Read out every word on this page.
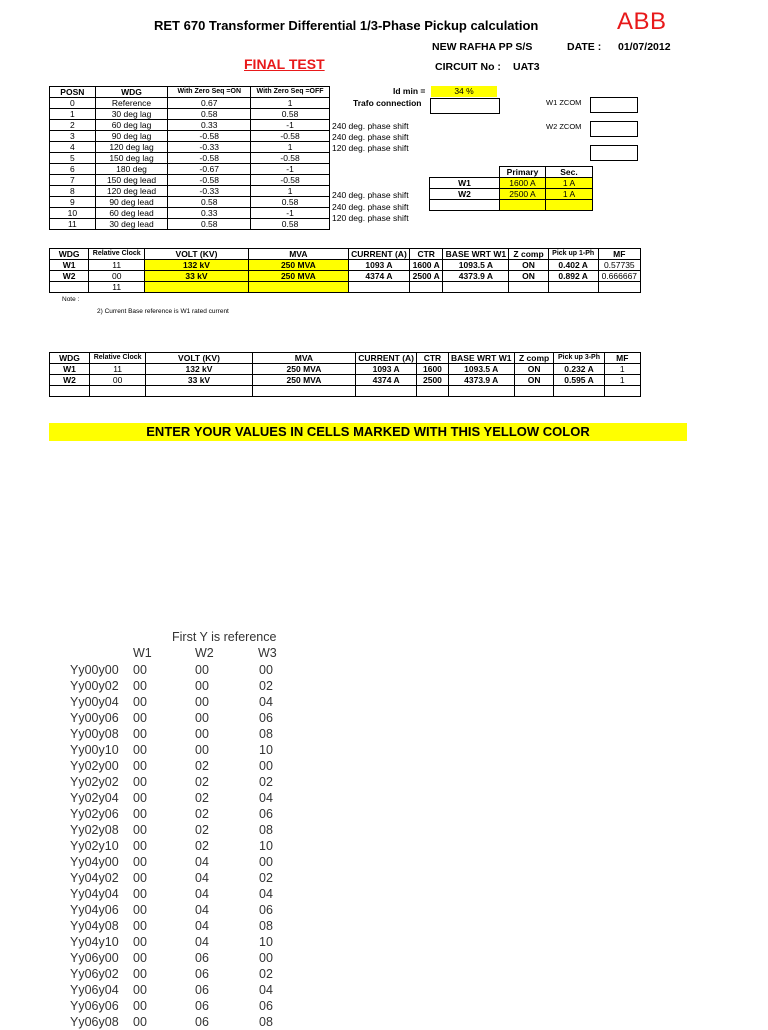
RET 670 Transformer Differential 1/3-Phase Pickup calculation	ABB
NEW RAFHA PP S/S	DATE : 01/07/2012
CIRCUIT No : UAT3
FINAL TEST
POSN	WDG	With Zero Seq =ON	With Zero Seq =OFF
0	Reference	0.67	1
1	30 deg lag	0.58	0.58
2	60 deg lag	0.33	-1
3	90 deg lag	-0.58	-0.58
4	120 deg lag	-0.33	1
5	150 deg lag	-0.58	-0.58
6	180 deg	-0.67	-1
7	150 deg lead	-0.58	-0.58
8	120 deg lead	-0.33	1
9	90 deg lead	0.58	0.58
10	60 deg lead	0.33	-1
11	30 deg lead	0.58	0.58
Id min =	34 %
Trafo connection	W1 ZCOM
W2 ZCOM
240 deg. phase shift
240 deg. phase shift
120 deg. phase shift
240 deg. phase shift
240 deg. phase shift
120 deg. phase shift
	Primary	Sec.
W1	1600 A	1 A
W2	2500 A	1 A

WDG	Relative Clock	VOLT (KV)	MVA	CURRENT (A)	CTR	BASE WRT W1	Z comp	Pick up 1-Ph	MF
W1	11	132 kV	250 MVA	1093 A	1600 A	1093.5 A	ON	0.402 A	0.57735
W2	00	33 kV	250 MVA	4374 A	2500 A	4373.9 A	ON	0.892 A	0.666667
	11								
Note :
2) Current Base reference is W1 rated current
WDG	Relative Clock	VOLT (KV)	MVA	CURRENT (A)	CTR	BASE WRT W1	Z comp	Pick up 3-Ph	MF
W1	11	132 kV	250 MVA	1093 A	1600	1093.5 A	ON	0.232 A	1
W2	00	33 kV	250 MVA	4374 A	2500	4373.9 A	ON	0.595 A	1

ENTER YOUR VALUES IN CELLS MARKED WITH THIS YELLOW COLOR
First Y is reference
W1	W2	W3
Yy00y00 00	00	00
Yy00y02 00	00	02
Yy00y04 00	00	04
Yy00y06 00	00	06
Yy00y08 00	00	08
Yy00y10 00	00	10
Yy02y00 00	02	00
Yy02y02 00	02	02
Yy02y04 00	02	04
Yy02y06 00	02	06
Yy02y08 00	02	08
Yy02y10 00	02	10
Yy04y00 00	04	00
Yy04y02 00	04	02
Yy04y04 00	04	04
Yy04y06 00	04	06
Yy04y08 00	04	08
Yy04y10 00	04	10
Yy06y00 00	06	00
Yy06y02 00	06	02
Yy06y04 00	06	04
Yy06y06 00	06	06
Yy06y08 00	06	08
